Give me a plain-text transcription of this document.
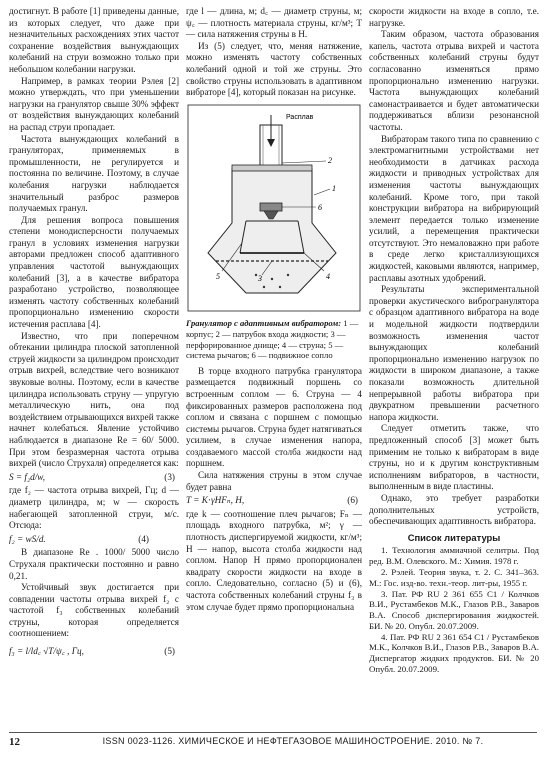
достигнут. В работе [1] приведены данные, из которых следует, что даже при незначительных расхождениях этих частот сохранение воздействия вынуждающих колебаний на струи возможно только при небольшом колебании нагрузки.

Например, в рамках теории Рэлея [2] можно утверждать, что при уменьшении нагрузки на гранулятор свыше 30% эффект от воздействия вынуждающих колебаний на распад струи пропадает.

Частота вынуждающих колебаний в грануляторах, применяемых в промышленности, не регулируется и постоянна по величине. Поэтому, в случае колебания нагрузки наблюдается значительный разброс размеров получаемых гранул.

Для решения вопроса повышения степени монодисперсности получаемых гранул в условиях изменения нагрузки авторами предложен способ адаптивного управления частотой вынуждающих колебаний [3], а в качестве вибратора разработано устройство, позволяющее изменять частоту собственных колебаний пропорционально изменению скорости истечения расплава [4].

Известно, что при поперечном обтекании цилиндра плоской затопленной струей жидкости за цилиндром происходит отрыв вихрей, вследствие чего возникают звуковые волны. Поэтому, если в качестве цилиндра использовать струну — упругую металлическую нить, она под воздействием отрывающихся вихрей также начнет колебаться. Явление устойчиво наблюдается в диапазоне Re = 60/ 5000. При этом безразмерная частота отрыва вихрей (число Струхаля) определяется как:

S = f₂d/w,	(3)

где f₂ — частота отрыва вихрей, Гц; d — диаметр цилиндра, м; w — скорость набегающей затопленной струи, м/с. Отсюда:

f₂ = wS/d.	(4)

В диапазоне Re . 1000/ 5000 число Струхаля практически постоянно и равно 0,21.

Устойчивый звук достигается при совпадении частоты отрыва вихрей f₂ с частотой f₃ собственных колебаний струны, которая определяется соотношением:

f₃ = l/ld꜀ √T/ψ꜀ , Гц,	(5)

где l — длина, м; d꜀ — диаметр струны, м; ψ꜀ — плотность материала струны, кг/м³; T — сила натяжения струны в Н.

Из (5) следует, что, меняя натяжение, можно изменять частоту собственных колебаний одной и той же струны. Это свойство струны использовать в адаптивном вибраторе [4], который показан на рисунке.

Расплав
1
2
3	4
5
6
Гранулятор с адаптивным вибратором: 1 — корпус; 2 — патрубок входа жидкости; 3 — перфорированное днище; 4 — струна; 5 — система рычагов; 6 — подвижное сопло

В торце входного патрубка гранулятора размещается подвижный поршень со встроенным соплом — 6. Струна — 4 фиксированных размеров расположена под соплом и связана с поршнем с помощью системы рычагов. Струна будет натягиваться усилием, в случае изменения напора, создаваемого массой столба жидкости над поршнем.

Сила натяжения струны в этом случае будет равна

T = K⋅γHFₙ, Н,	(6)

где k — соотношение плеч рычагов; Fₙ — площадь входного патрубка, м²; γ — плотность диспергируемой жидкости, кг/м³; H — напор, высота столба жидкости над соплом. Напор H прямо пропорционален квадрату скорости жидкости на входе в сопло. Следовательно, согласно (5) и (6), частота собственных колебаний струны f₃ в этом случае будет прямо пропорциональна

скорости жидкости на входе в сопло, т.е. нагрузке.

Таким образом, частота образования капель, частота отрыва вихрей и частота собственных колебаний струны будут согласованно изменяться прямо пропорционально изменению нагрузки. Частота вынуждающих колебаний самонастраивается и будет автоматически поддерживаться вблизи резонансной частоты.

Вибраторам такого типа по сравнению с электромагнитными устройствами нет необходимости в датчиках расхода жидкости и приводных устройствах для изменения частоты вынуждающих колебаний. Кроме того, при такой конструкции вибратора на вибрирующий элемент передается только изменение усилий, а перемещения практически отсутствуют. Это немаловажно при работе в среде легко кристаллизующихся жидкостей, каковыми являются, например, расплавы азотных удобрений.

Результаты экспериментальной проверки акустического виброгранулятора с образцом адаптивного вибратора на воде и модельной жидкости подтвердили возможность изменения частот вынуждающих колебаний пропорционально изменению нагрузок по жидкости в широком диапазоне, а также показали возможность длительной непрерывной работы вибратора при двукратном превышении расчетного напора жидкости.

Следует отметить также, что предложенный способ [3] может быть применим не только к вибраторам в виде струны, но и к другим конструктивным исполнениям вибраторов, в частности, выполненным в виде пластины.

Однако, это требует разработки дополнительных устройств, обеспечивающих адаптивность вибратора.

Список литературы

1. Технология аммиачной селитры. Под ред. В.М. Олевского. М.: Химия. 1978 г.

2. Рэлей. Теория звука, т. 2. С. 341–363. М.: Гос. изд-во. техн.-теор. лит-ры, 1955 г.

3. Пат. РФ RU 2 361 655 C1 / Колчков В.И., Рустамбеков М.К., Глазов Р.В., Заваров В.А. Способ диспергирования жидкостей. БИ. № 20. Опубл. 20.07.2009.

4. Пат. РФ RU 2 361 654 C1 / Рустамбеков М.К., Колчков В.И., Глазов Р.В., Заваров В.А. Диспергатор жидких продуктов. БИ. № 20 Опубл. 20.07.2009.

12	ISSN 0023-1126. ХИМИЧЕСКОЕ И НЕФТЕГАЗОВОЕ МАШИНОСТРОЕНИЕ. 2010. № 7.
